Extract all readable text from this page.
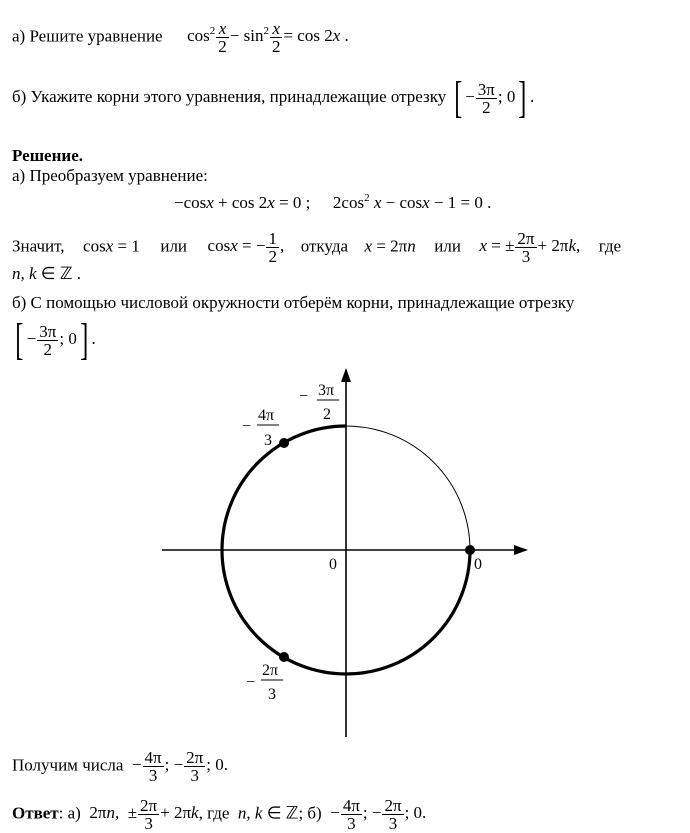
а) Решите уравнение $\cos^2 \frac{x}{2} - \sin^2 \frac{x}{2} = \cos 2x$ .
б) Укажите корни этого уравнения, принадлежащие отрезку [ − $\frac{3\pi}{2}$ ; 0] .
Решение.
а) Преобразуем уравнение:
−cosx + cos 2x = 0 ;  $2\cos^2$ x − cosx − 1 = 0 .
Значит, cosx = 1 или cosx = − $\frac{1}{2}$ , откуда x = 2πn или x = ± $\frac{2\pi}{3} + 2\pi k$, где
n, k ∈ ℤ .
б) С помощью числовой окружности отберём корни, принадлежащие отрезку
[ − $\frac{3\pi}{2}$ ; 0] .
− 3π
2
−
4π
3
−
2π
3
0	0
Получим числа  − $\frac{4\pi}{3}$ ; − $\frac{2\pi}{3}$ ; 0.
Ответ: а)  2πn,  ± $\frac{2\pi}{3} + 2\pi k$, где n, k ∈ ℤ; $б) - \frac{4\pi}{3}$ ; − $\frac{2\pi}{3}$ ; 0.
